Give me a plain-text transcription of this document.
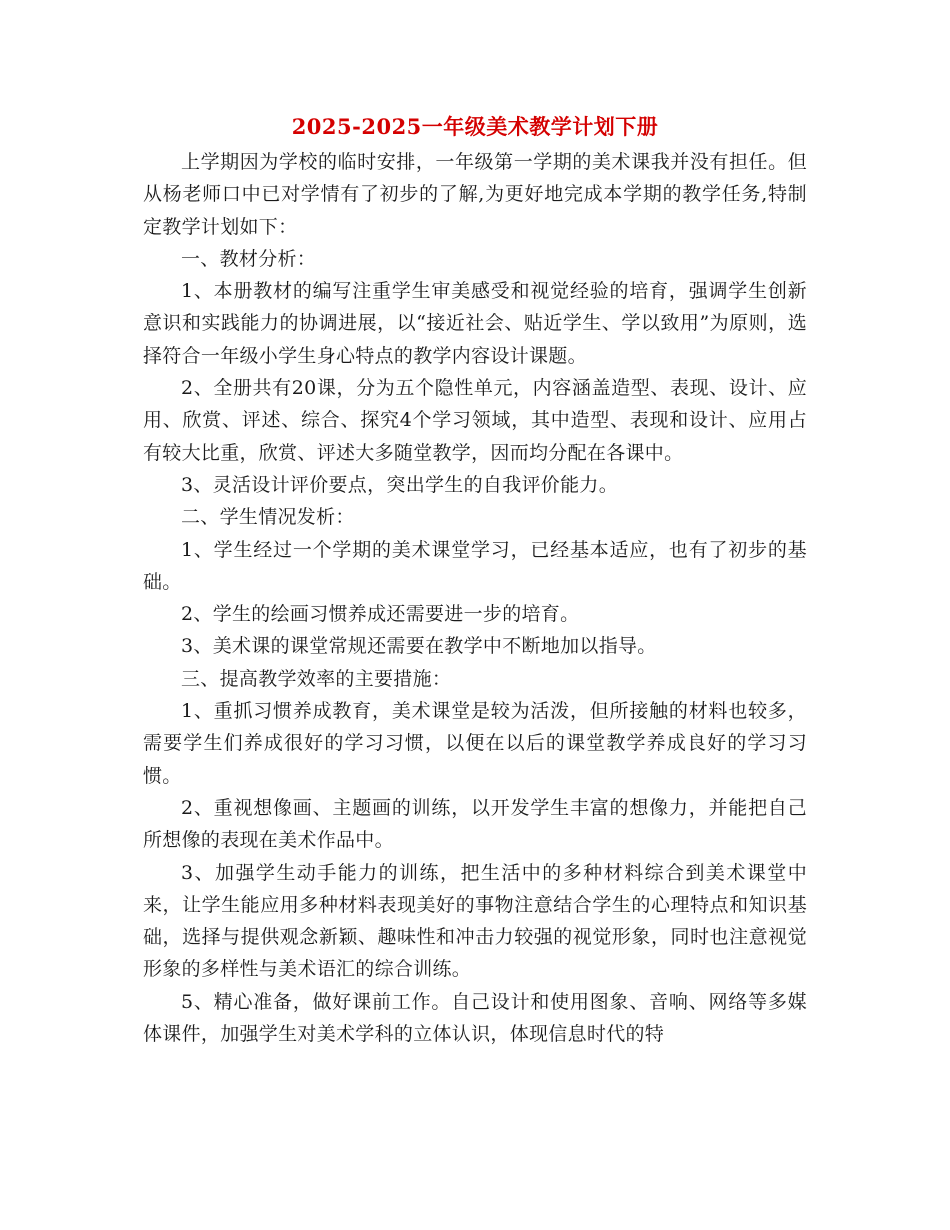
2025-2025一年级美术教学计划下册

上学期因为学校的临时安排，一年级第一学期的美术课我并没有担任。但从杨老师口中已对学情有了初步的了解,为更好地完成本学期的教学任务,特制定教学计划如下：

一、教材分析：

1、本册教材的编写注重学生审美感受和视觉经验的培育，强调学生创新意识和实践能力的协调进展，以“接近社会、贴近学生、学以致用”为原则，选择符合一年级小学生身心特点的教学内容设计课题。

2、全册共有20课，分为五个隐性单元，内容涵盖造型、表现、设计、应用、欣赏、评述、综合、探究4个学习领域，其中造型、表现和设计、应用占有较大比重，欣赏、评述大多随堂教学，因而均分配在各课中。

3、灵活设计评价要点，突出学生的自我评价能力。

二、学生情况发析：

1、学生经过一个学期的美术课堂学习，已经基本适应，也有了初步的基础。

2、学生的绘画习惯养成还需要进一步的培育。

3、美术课的课堂常规还需要在教学中不断地加以指导。

三、提高教学效率的主要措施：

1、重抓习惯养成教育，美术课堂是较为活泼，但所接触的材料也较多，需要学生们养成很好的学习习惯，以便在以后的课堂教学养成良好的学习习惯。

2、重视想像画、主题画的训练，以开发学生丰富的想像力，并能把自己所想像的表现在美术作品中。

3、加强学生动手能力的训练，把生活中的多种材料综合到美术课堂中来，让学生能应用多种材料表现美好的事物注意结合学生的心理特点和知识基础，选择与提供观念新颖、趣味性和冲击力较强的视觉形象，同时也注意视觉形象的多样性与美术语汇的综合训练。

5、精心准备，做好课前工作。自己设计和使用图象、音响、网络等多媒体课件，加强学生对美术学科的立体认识，体现信息时代的特
